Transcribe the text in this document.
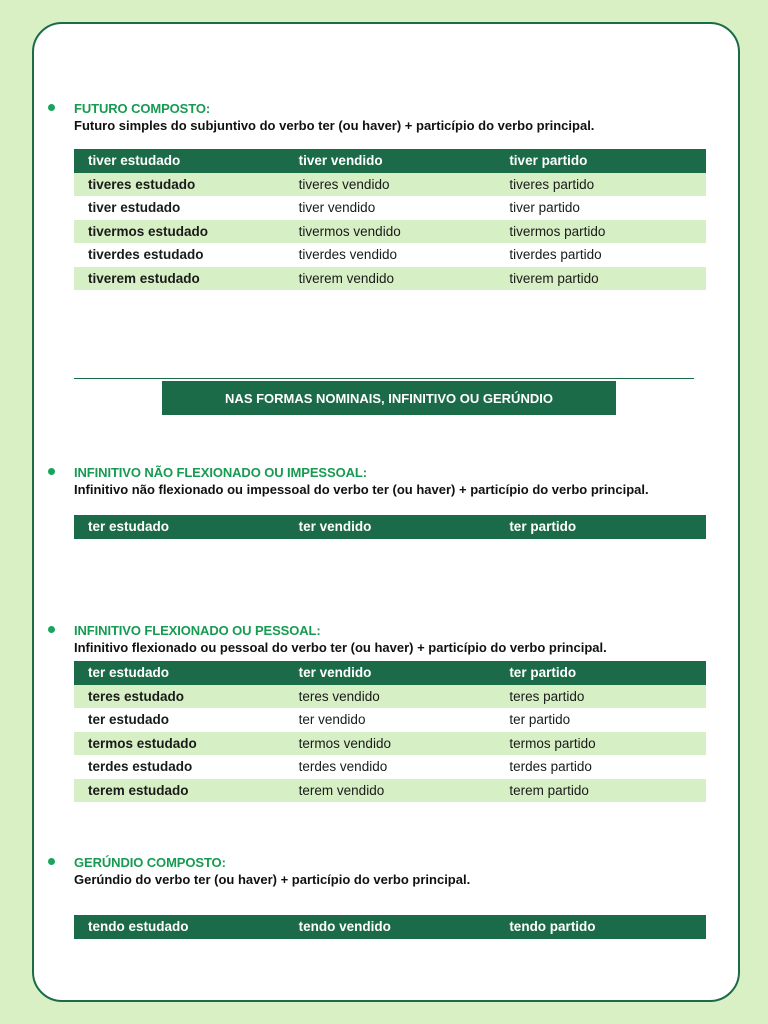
FUTURO COMPOSTO:
Futuro simples do subjuntivo do verbo ter (ou haver) + particípio do verbo principal.
tiver estudado	tiver vendido	tiver partido
tiveres estudado	tiveres vendido	tiveres partido
tiver estudado	tiver vendido	tiver partido
tivermos estudado	tivermos vendido	tivermos partido
tiverdes estudado	tiverdes vendido	tiverdes partido
tiverem estudado	tiverem vendido	tiverem partido
NAS FORMAS NOMINAIS, INFINITIVO OU GERÚNDIO
INFINITIVO NÃO FLEXIONADO OU IMPESSOAL:
Infinitivo não flexionado ou impessoal do verbo ter (ou haver) + particípio do verbo principal.
ter estudado	ter vendido	ter partido
INFINITIVO FLEXIONADO OU PESSOAL:
Infinitivo flexionado ou pessoal do verbo ter (ou haver) + particípio do verbo principal.
ter estudado	ter vendido	ter partido
teres estudado	teres vendido	teres partido
ter estudado	ter vendido	ter partido
termos estudado	termos vendido	termos partido
terdes estudado	terdes vendido	terdes partido
terem estudado	terem vendido	terem partido
GERÚNDIO COMPOSTO:
Gerúndio do verbo ter (ou haver) + particípio do verbo principal.
tendo estudado	tendo vendido	tendo partido
